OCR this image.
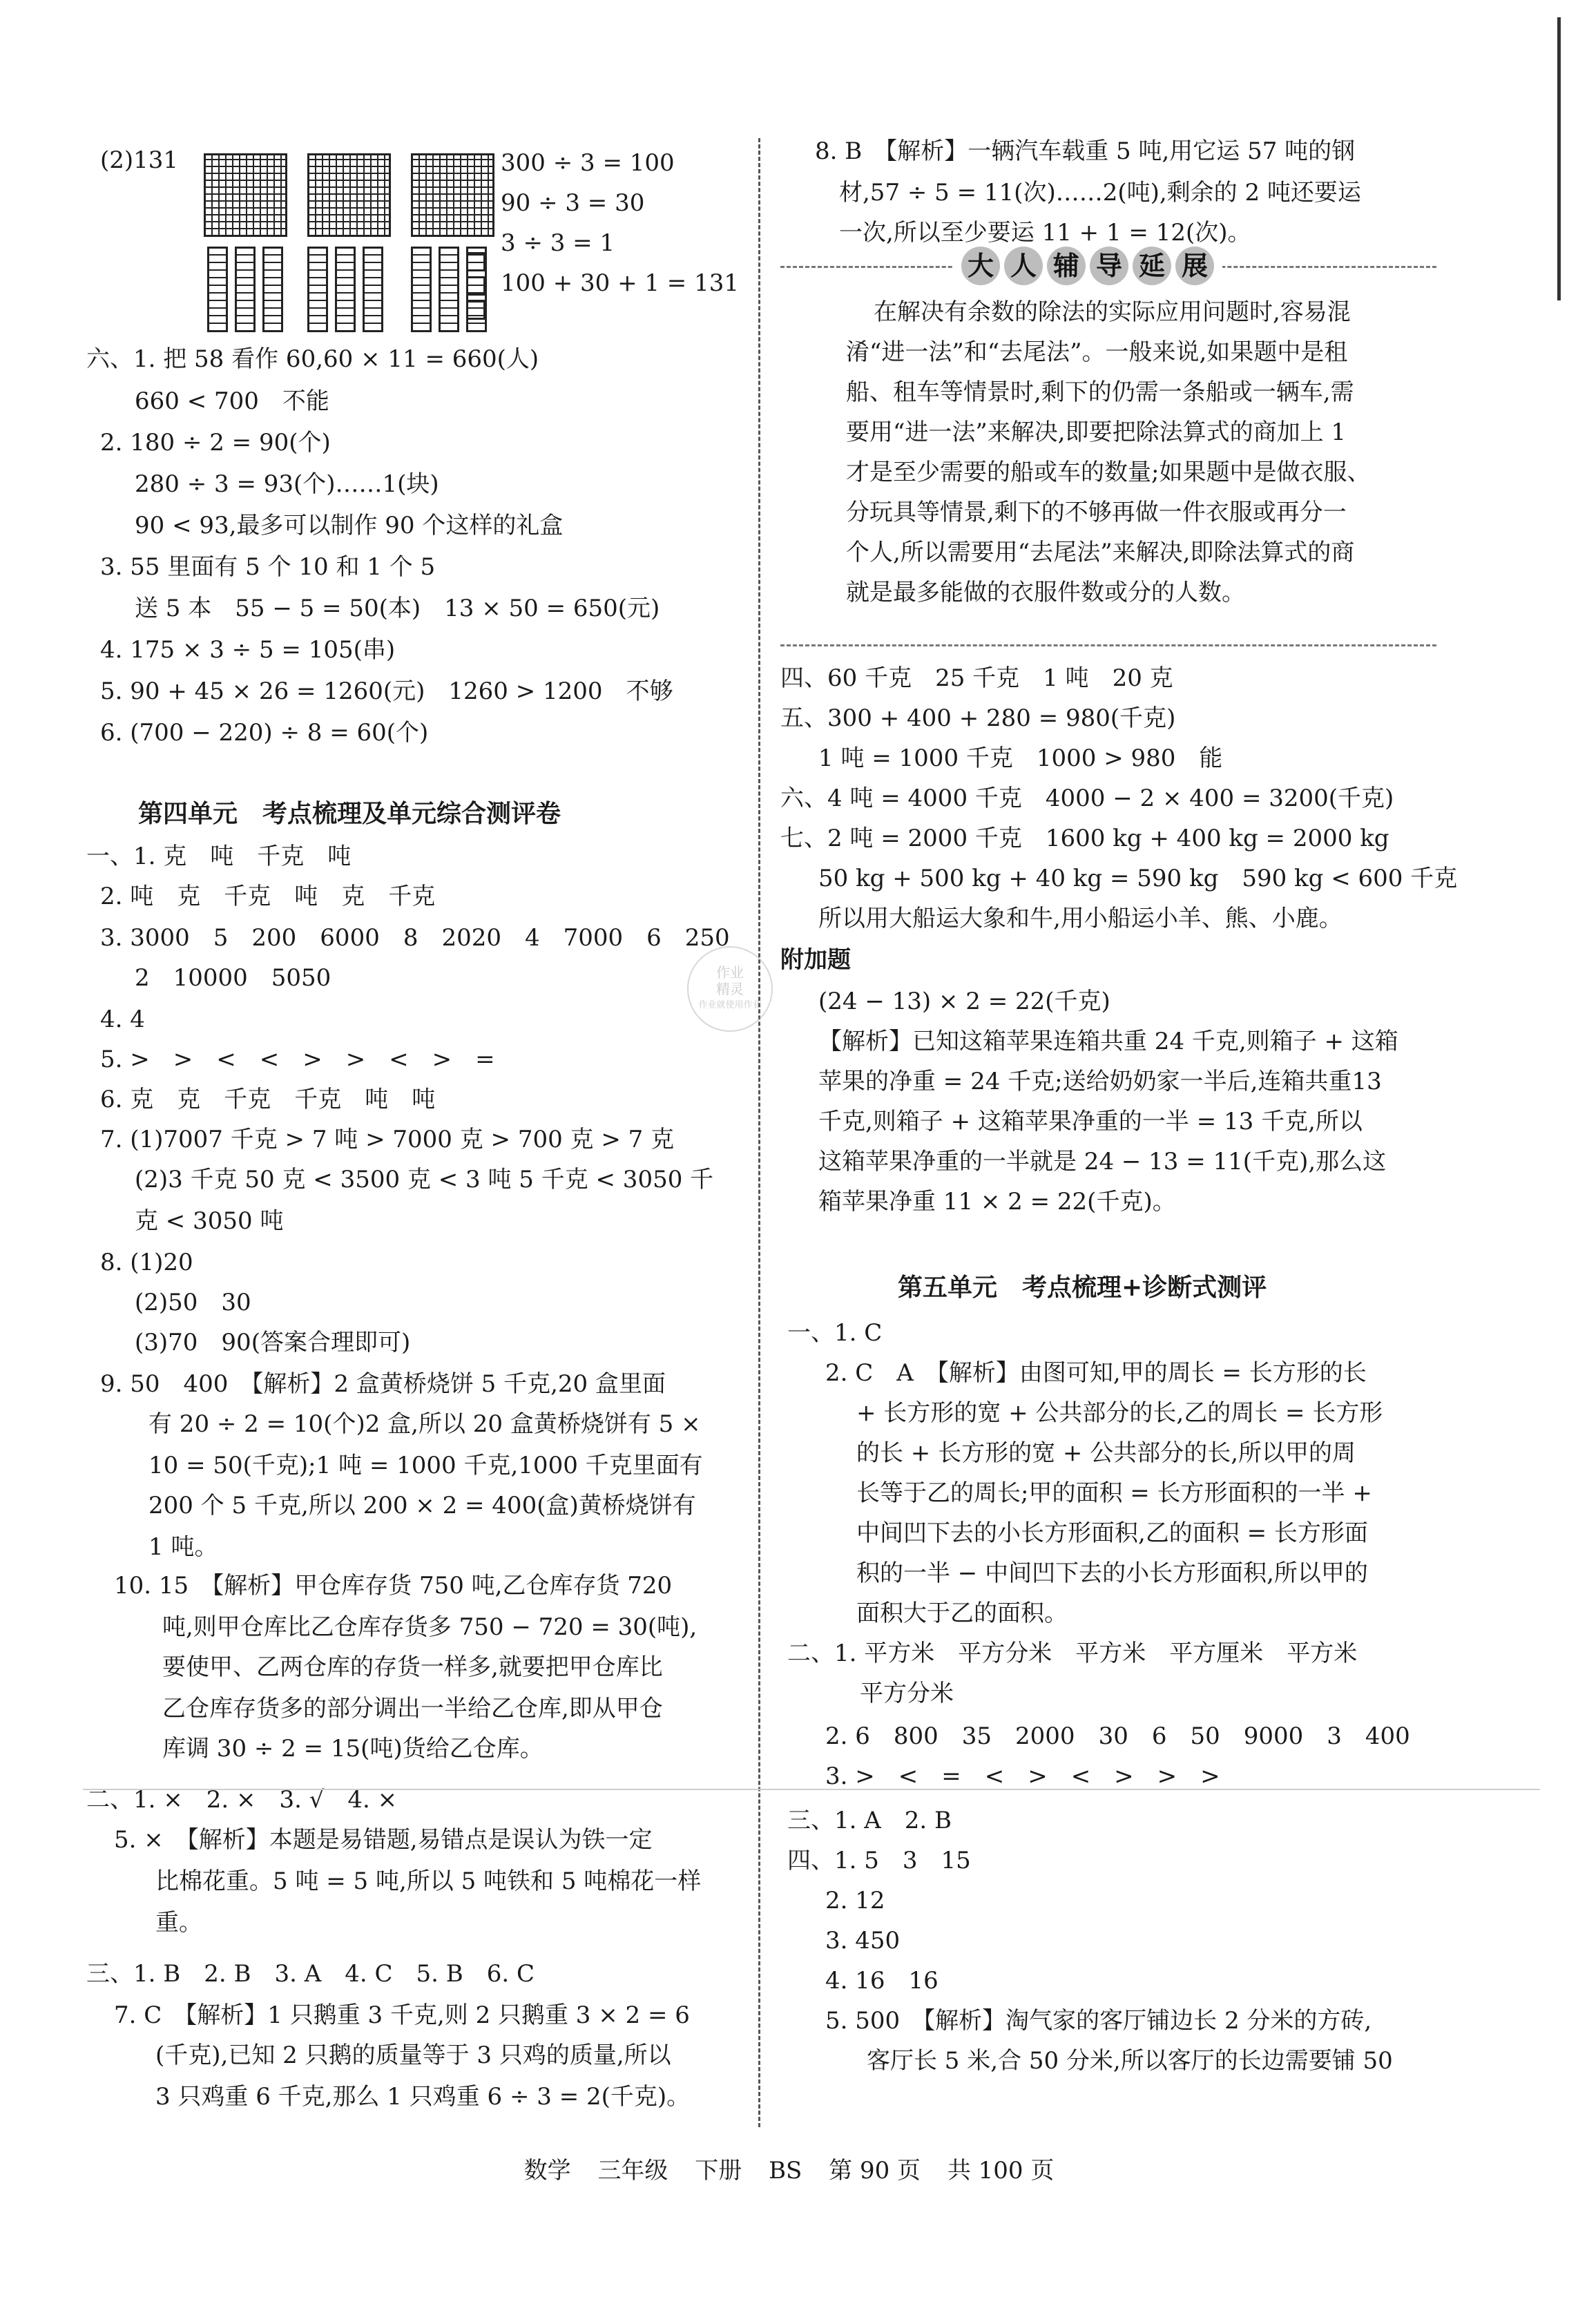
(2)131	300 ÷ 3 = 100
90 ÷ 3 = 30
3 ÷ 3 = 1
100 + 30 + 1 = 131
六、1. 把 58 看作 60,60 × 11 = 660(人)
660 < 700　不能
2. 180 ÷ 2 = 90(个)
280 ÷ 3 = 93(个)……1(块)
90 < 93,最多可以制作 90 个这样的礼盒
3. 55 里面有 5 个 10 和 1 个 5
送 5 本　55 − 5 = 50(本)　13 × 50 = 650(元)
4. 175 × 3 ÷ 5 = 105(串)
5. 90 + 45 × 26 = 1260(元)　1260 > 1200　不够
6. (700 − 220) ÷ 8 = 60(个)
第四单元　考点梳理及单元综合测评卷
一、1. 克　吨　千克　吨
2. 吨　克　千克　吨　克　千克
3. 3000　5　200　6000　8　2020　4　7000　6　250
2　10000　5050
4. 4
5. >　>　<　<　>　>　<　>　=
6. 克　克　千克　千克　吨　吨
7. (1)7007 千克 > 7 吨 > 7000 克 > 700 克 > 7 克
(2)3 千克 50 克 < 3500 克 < 3 吨 5 千克 < 3050 千
克 < 3050 吨
8. (1)20
(2)50　30
(3)70　90(答案合理即可)
9. 50　400　【解析】2 盒黄桥烧饼 5 千克,20 盒里面
有 20 ÷ 2 = 10(个)2 盒,所以 20 盒黄桥烧饼有 5 ×
10 = 50(千克);1 吨 = 1000 千克,1000 千克里面有
200 个 5 千克,所以 200 × 2 = 400(盒)黄桥烧饼有
1 吨。
10. 15　【解析】甲仓库存货 750 吨,乙仓库存货 720
吨,则甲仓库比乙仓库存货多 750 − 720 = 30(吨),
要使甲、乙两仓库的存货一样多,就要把甲仓库比
乙仓库存货多的部分调出一半给乙仓库,即从甲仓
库调 30 ÷ 2 = 15(吨)货给乙仓库。
二、1. ×　2. ×　3. √　4. ×
5. ×　【解析】本题是易错题,易错点是误认为铁一定
比棉花重。5 吨 = 5 吨,所以 5 吨铁和 5 吨棉花一样
重。
三、1. B　2. B　3. A　4. C　5. B　6. C
7. C　【解析】1 只鹅重 3 千克,则 2 只鹅重 3 × 2 = 6
(千克),已知 2 只鹅的质量等于 3 只鸡的质量,所以
3 只鸡重 6 千克,那么 1 只鸡重 6 ÷ 3 = 2(千克)。
8. B　【解析】一辆汽车载重 5 吨,用它运 57 吨的钢
材,57 ÷ 5 = 11(次)……2(吨),剩余的 2 吨还要运
一次,所以至少要运 11 + 1 = 12(次)。
大 人 辅 导 延 展
在解决有余数的除法的实际应用问题时,容易混
淆“进一法”和“去尾法”。一般来说,如果题中是租
船、租车等情景时,剩下的仍需一条船或一辆车,需
要用“进一法”来解决,即要把除法算式的商加上 1
才是至少需要的船或车的数量;如果题中是做衣服、
分玩具等情景,剩下的不够再做一件衣服或再分一
个人,所以需要用“去尾法”来解决,即除法算式的商
就是最多能做的衣服件数或分的人数。
四、60 千克　25 千克　1 吨　20 克
五、300 + 400 + 280 = 980(千克)
1 吨 = 1000 千克　1000 > 980　能
六、4 吨 = 4000 千克　4000 − 2 × 400 = 3200(千克)
七、2 吨 = 2000 千克　1600 kg + 400 kg = 2000 kg
50 kg + 500 kg + 40 kg = 590 kg　590 kg < 600 千克
所以用大船运大象和牛,用小船运小羊、熊、小鹿。
附加题
(24 − 13) × 2 = 22(千克)
【解析】已知这箱苹果连箱共重 24 千克,则箱子 + 这箱
苹果的净重 = 24 千克;送给奶奶家一半后,连箱共重13
千克,则箱子 + 这箱苹果净重的一半 = 13 千克,所以
这箱苹果净重的一半就是 24 − 13 = 11(千克),那么这
箱苹果净重 11 × 2 = 22(千克)。
第五单元　考点梳理+诊断式测评
一、1. C
2. C　A　【解析】由图可知,甲的周长 = 长方形的长
+ 长方形的宽 + 公共部分的长,乙的周长 = 长方形
的长 + 长方形的宽 + 公共部分的长,所以甲的周
长等于乙的周长;甲的面积 = 长方形面积的一半 +
中间凹下去的小长方形面积,乙的面积 = 长方形面
积的一半 − 中间凹下去的小长方形面积,所以甲的
面积大于乙的面积。
二、1. 平方米　平方分米　平方米　平方厘米　平方米
平方分米
2. 6　800　35　2000　30　6　50　9000　3　400
3. >　<　=　<　>　<　>　>　>
三、1. A　2. B
四、1. 5　3　15
2. 12
3. 450
4. 16　16
5. 500　【解析】淘气家的客厅铺边长 2 分米的方砖,
客厅长 5 米,合 50 分米,所以客厅的长边需要铺 50
作业
精灵
作业就使用作业
数学 三年级 下册 BS 第 90 页 共 100 页
